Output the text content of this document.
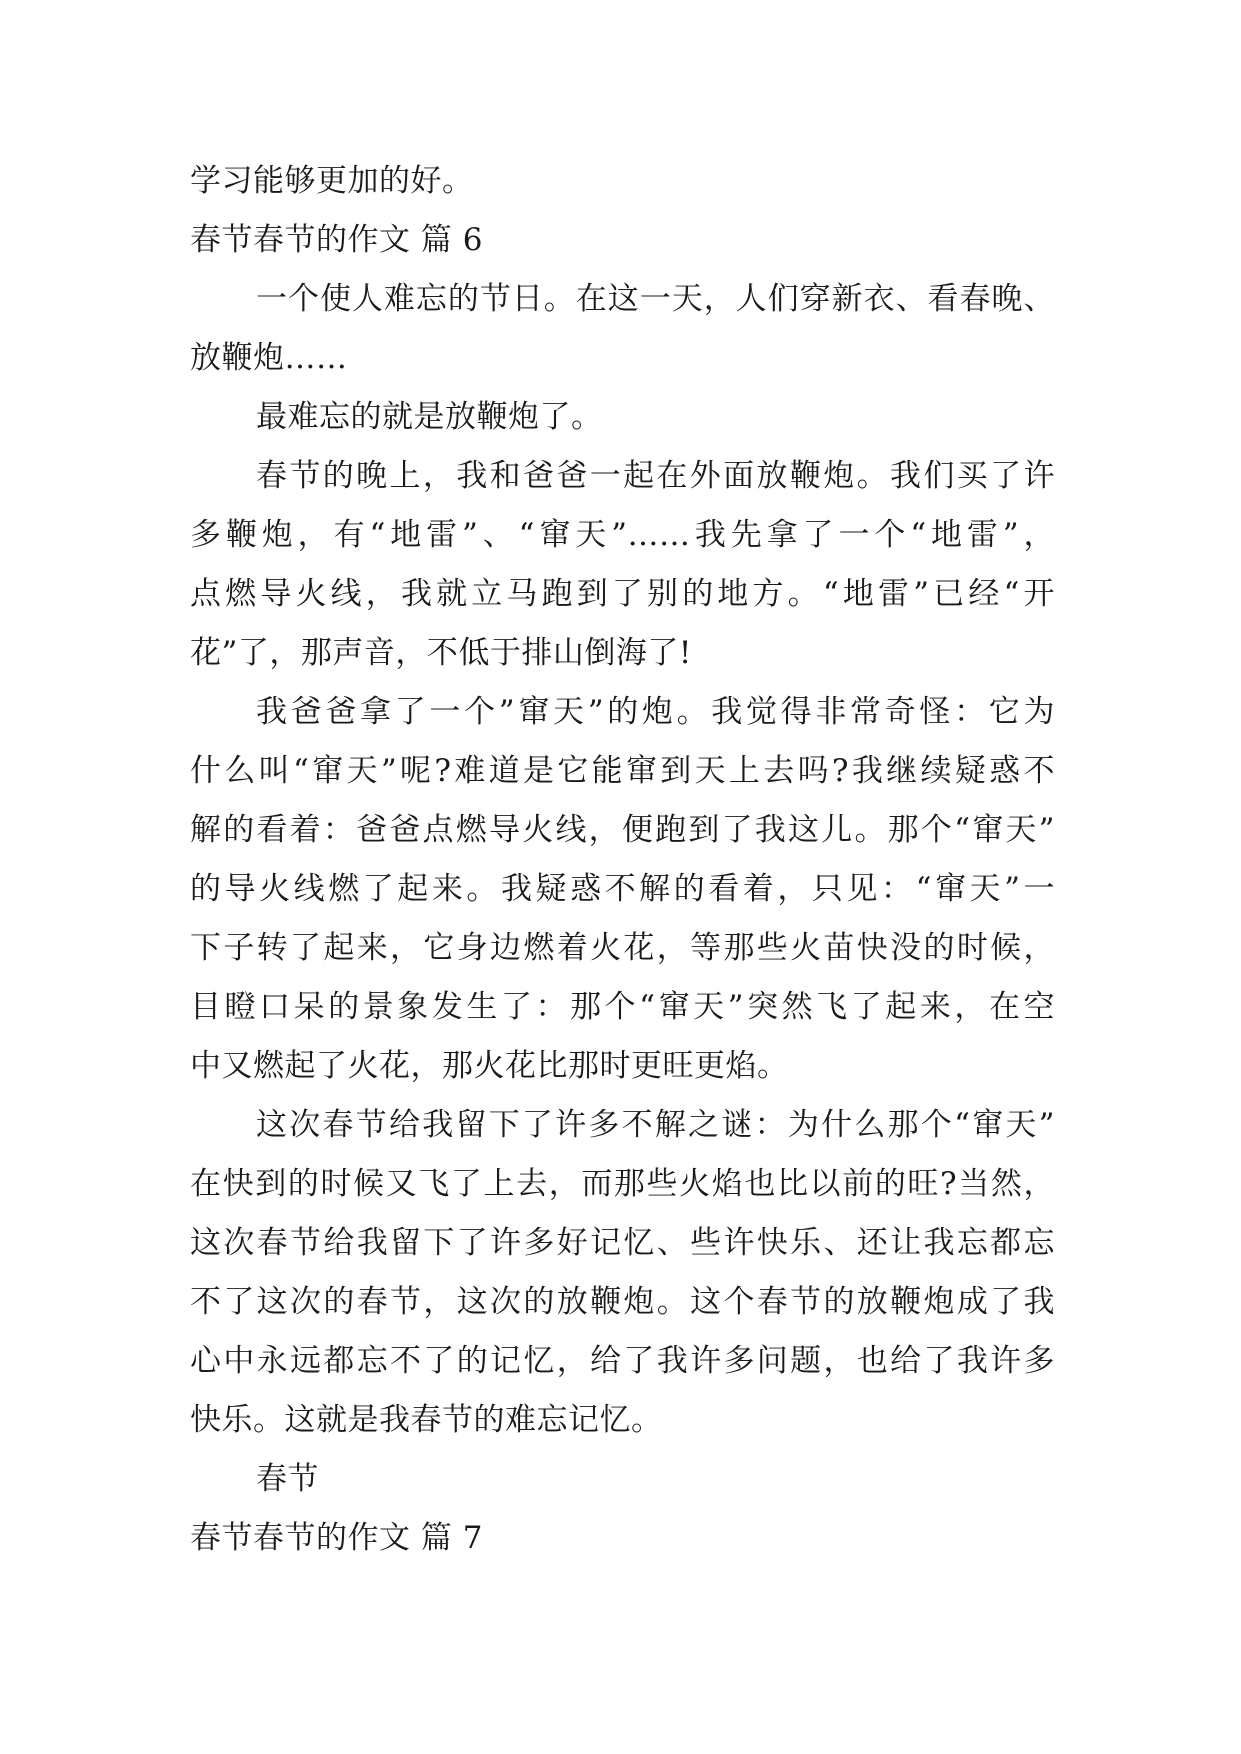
学习能够更加的好。
春节春节的作文 篇 6
一个使人难忘的节日。在这一天，人们穿新衣、看春晚、
放鞭炮……
最难忘的就是放鞭炮了。
春节的晚上，我和爸爸一起在外面放鞭炮。我们买了许
多鞭炮，有“地雷”、“窜天”……我先拿了一个“地雷”，
点燃导火线，我就立马跑到了别的地方。“地雷”已经“开
花”了，那声音，不低于排山倒海了!
我爸爸拿了一个”窜天”的炮。我觉得非常奇怪：它为
什么叫“窜天”呢?难道是它能窜到天上去吗?我继续疑惑不
解的看着：爸爸点燃导火线，便跑到了我这儿。那个“窜天”
的导火线燃了起来。我疑惑不解的看着，只见：“窜天”一
下子转了起来，它身边燃着火花，等那些火苗快没的时候，
目瞪口呆的景象发生了：那个“窜天”突然飞了起来，在空
中又燃起了火花，那火花比那时更旺更焰。
这次春节给我留下了许多不解之谜：为什么那个“窜天”
在快到的时候又飞了上去，而那些火焰也比以前的旺?当然，
这次春节给我留下了许多好记忆、些许快乐、还让我忘都忘
不了这次的春节，这次的放鞭炮。这个春节的放鞭炮成了我
心中永远都忘不了的记忆，给了我许多问题，也给了我许多
快乐。这就是我春节的难忘记忆。
春节
春节春节的作文 篇 7
